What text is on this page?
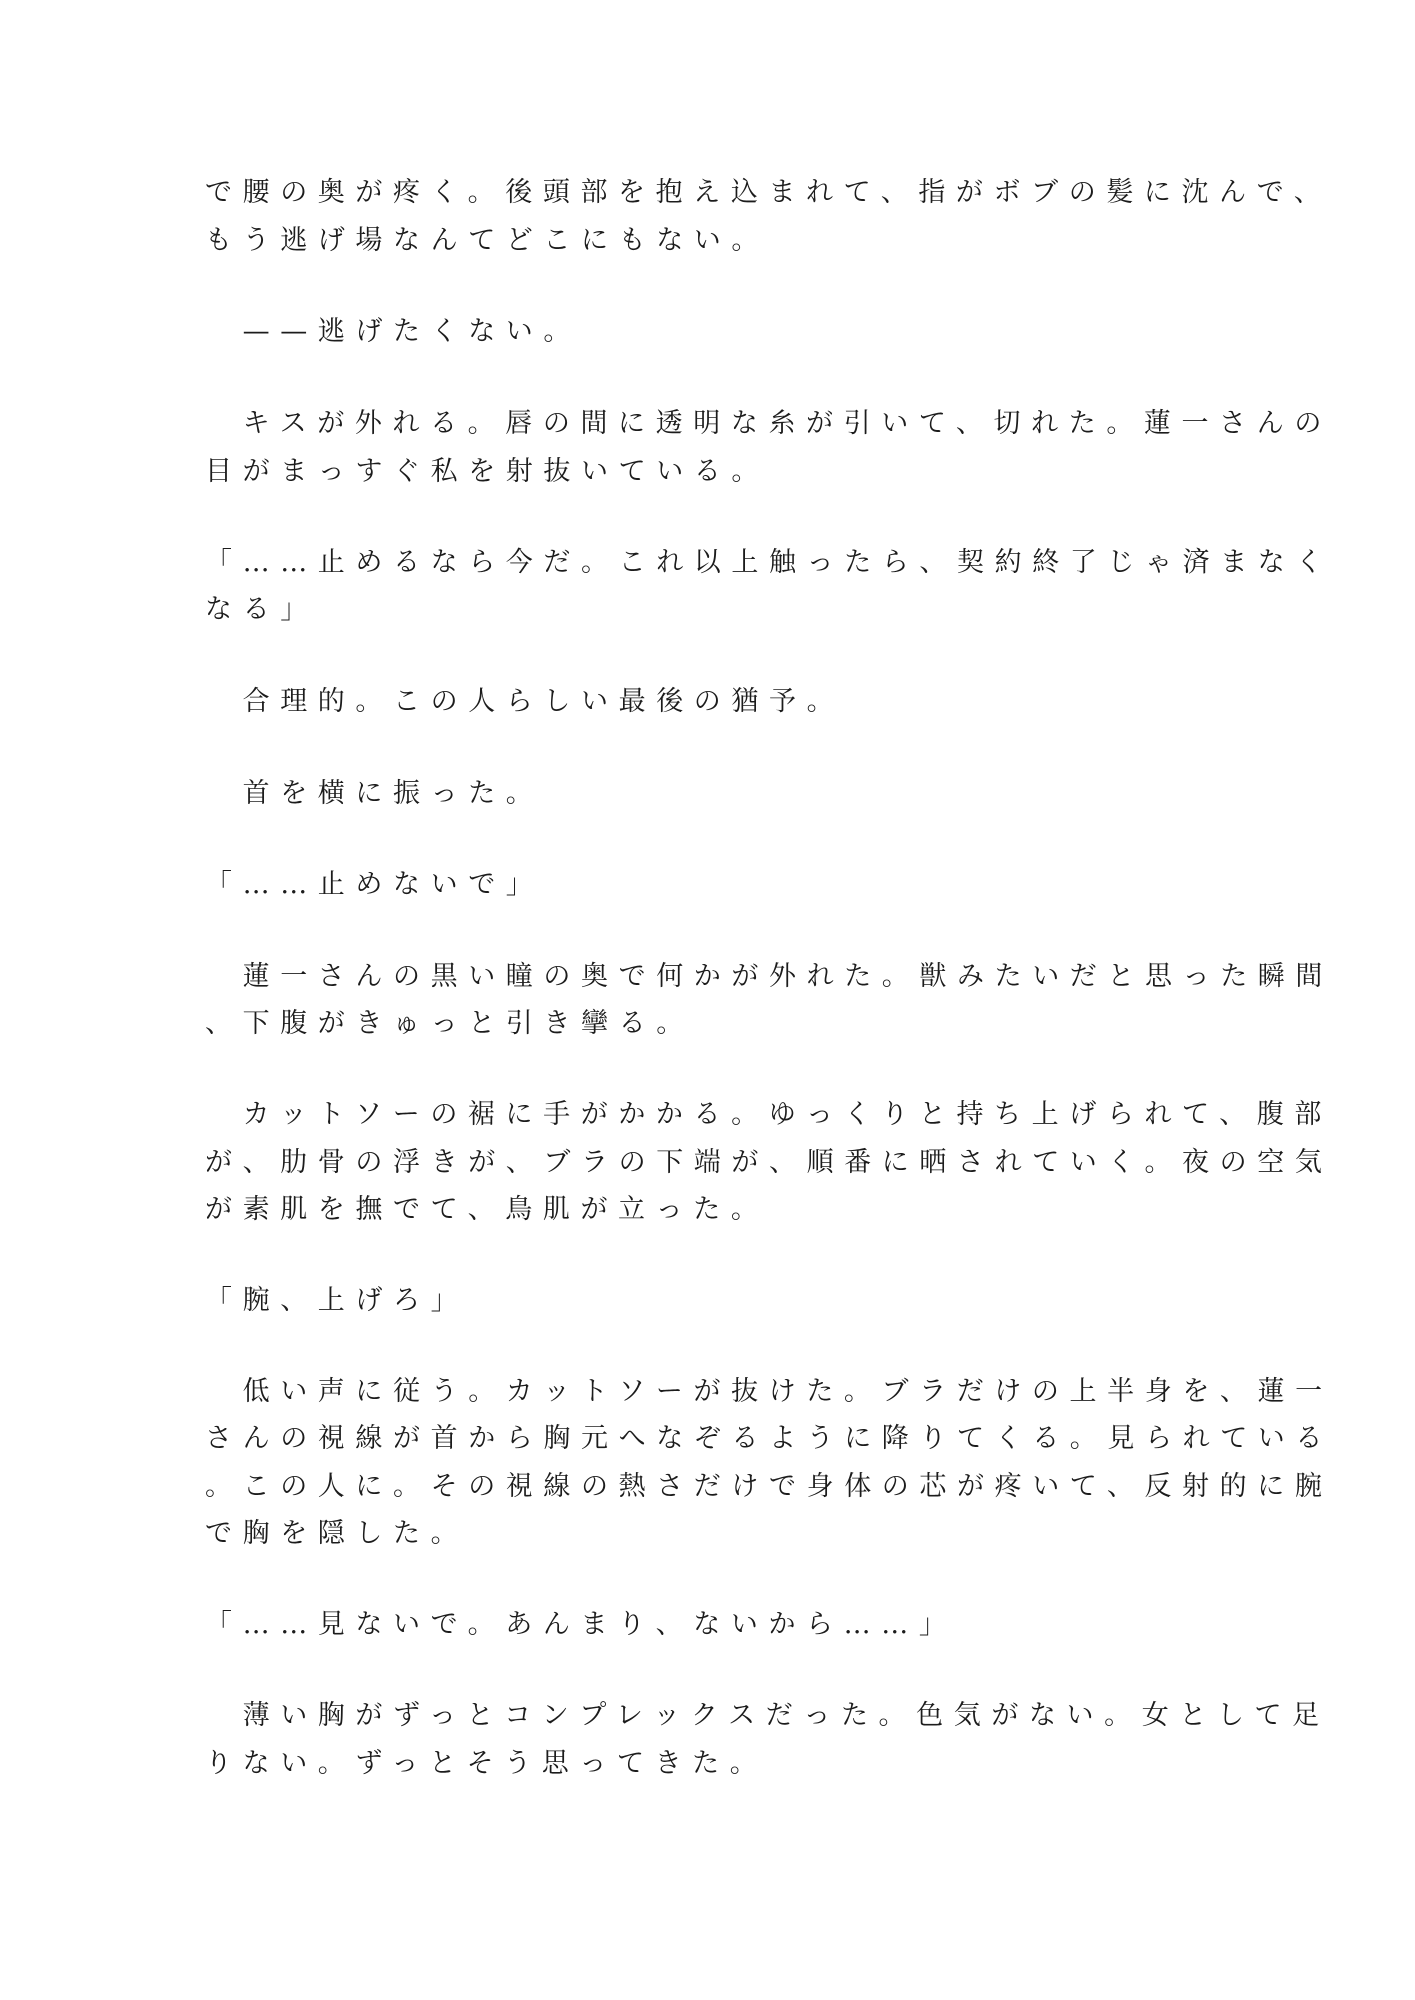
で腰の奥が疼く。後頭部を抱え込まれて、指がボブの髪に沈んで、
もう逃げ場なんてどこにもない。
　——逃げたくない。
　キスが外れる。唇の間に透明な糸が引いて、切れた。蓮一さんの
目がまっすぐ私を射抜いている。
「……止めるなら今だ。これ以上触ったら、契約終了じゃ済まなく
なる」
　合理的。この人らしい最後の猶予。
　首を横に振った。
「……止めないで」
　蓮一さんの黒い瞳の奥で何かが外れた。獣みたいだと思った瞬間
、下腹がきゅっと引き攣る。
　カットソーの裾に手がかかる。ゆっくりと持ち上げられて、腹部
が、肋骨の浮きが、ブラの下端が、順番に晒されていく。夜の空気
が素肌を撫でて、鳥肌が立った。
「腕、上げろ」
　低い声に従う。カットソーが抜けた。ブラだけの上半身を、蓮一
さんの視線が首から胸元へなぞるように降りてくる。見られている
。この人に。その視線の熱さだけで身体の芯が疼いて、反射的に腕
で胸を隠した。
「……見ないで。あんまり、ないから……」
　薄い胸がずっとコンプレックスだった。色気がない。女として足
りない。ずっとそう思ってきた。
